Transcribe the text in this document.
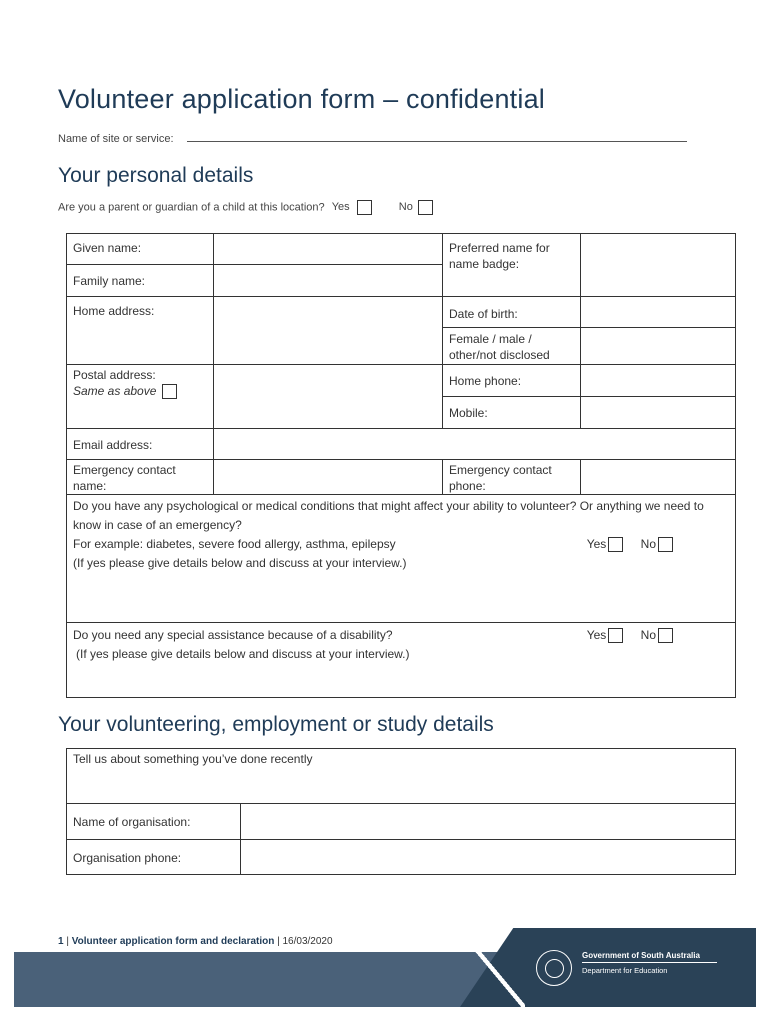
Volunteer application form – confidential
Name of site or service:
Your personal details
Are you a parent or guardian of a child at this location? Yes	No
Given name:		Preferred name for name badge:	
Family name:			
Home address:		Date of birth:	
		Female / male / other/not disclosed	

Postal address:
Same as above		Home phone:	
		Mobile:	
Email address:			
Emergency contact name:		Emergency contact phone:	

Do you have any psychological or medical conditions that might affect your ability to volunteer? Or anything we need to know in case of an emergency?
For example: diabetes, severe food allergy, asthma, epilepsy Yes No
(If yes please give details below and discuss at your interview.)			

Do you need any special assistance because of a disability? Yes No
(If yes please give details below and discuss at your interview.)			
Your volunteering, employment or study details
Tell us about something you’ve done recently	

Name of organisation:	
Organisation phone:	
1 | Volunteer application form and declaration | 16/03/2020
Government of South Australia
Department for Education
